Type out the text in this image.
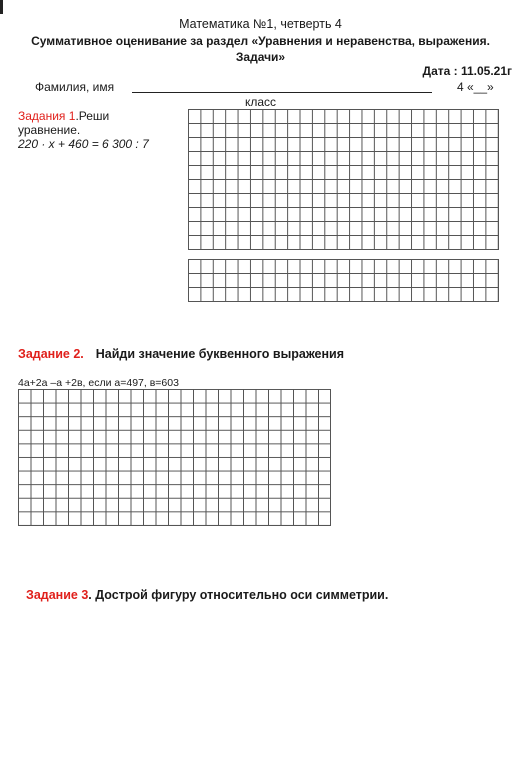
Математика №1, четверть 4
Суммативное оценивание за раздел «Уравнения и неравенства, выражения.
Задачи»
Дата : 11.05.21г
Фамилия, имя	4 «__»
класс
Задания 1.Реши
уравнение.
220 · х + 460 = 6 300 : 7
Задание 2. Найди значение буквенного выражения
4а+2а –а +2в, если а=497, в=603
Задание 3. Дострой фигуру относительно оси симметрии.
